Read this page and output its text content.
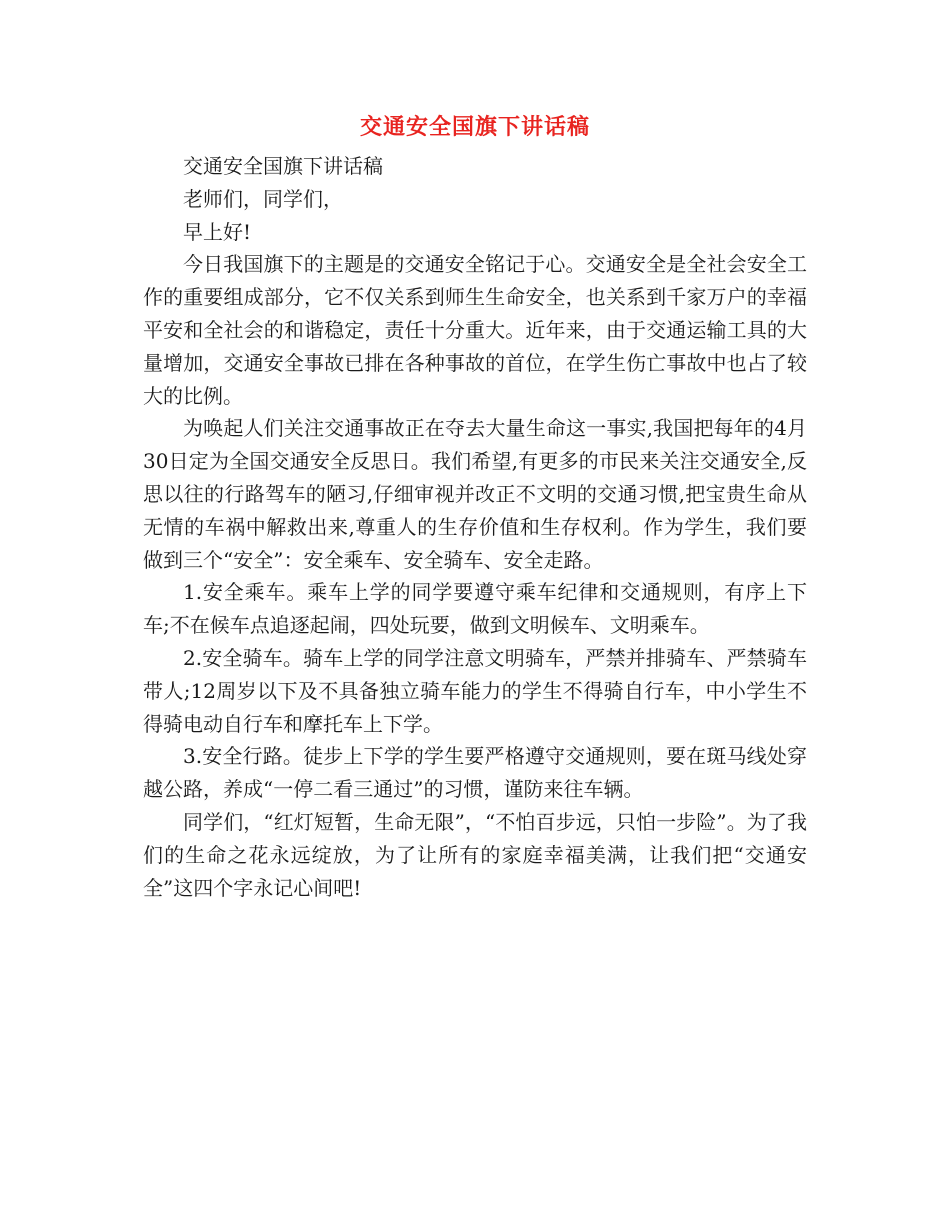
交通安全国旗下讲话稿

交通安全国旗下讲话稿

老师们，同学们，

早上好!

今日我国旗下的主题是的交通安全铭记于心。交通安全是全社会安全工作的重要组成部分，它不仅关系到师生生命安全，也关系到千家万户的幸福平安和全社会的和谐稳定，责任十分重大。近年来，由于交通运输工具的大量增加，交通安全事故已排在各种事故的首位，在学生伤亡事故中也占了较大的比例。

为唤起人们关注交通事故正在夺去大量生命这一事实,我国把每年的4月30日定为全国交通安全反思日。我们希望,有更多的市民来关注交通安全,反思以往的行路驾车的陋习,仔细审视并改正不文明的交通习惯,把宝贵生命从无情的车祸中解救出来,尊重人的生存价值和生存权利。作为学生，我们要做到三个“安全”：安全乘车、安全骑车、安全走路。

1.安全乘车。乘车上学的同学要遵守乘车纪律和交通规则，有序上下车;不在候车点追逐起闹，四处玩要，做到文明候车、文明乘车。

2.安全骑车。骑车上学的同学注意文明骑车，严禁并排骑车、严禁骑车带人;12周岁以下及不具备独立骑车能力的学生不得骑自行车，中小学生不得骑电动自行车和摩托车上下学。

3.安全行路。徒步上下学的学生要严格遵守交通规则，要在斑马线处穿越公路，养成“一停二看三通过”的习惯，谨防来往车辆。

同学们，“红灯短暂，生命无限”，“不怕百步远，只怕一步险”。为了我们的生命之花永远绽放，为了让所有的家庭幸福美满，让我们把“交通安全”这四个字永记心间吧!
